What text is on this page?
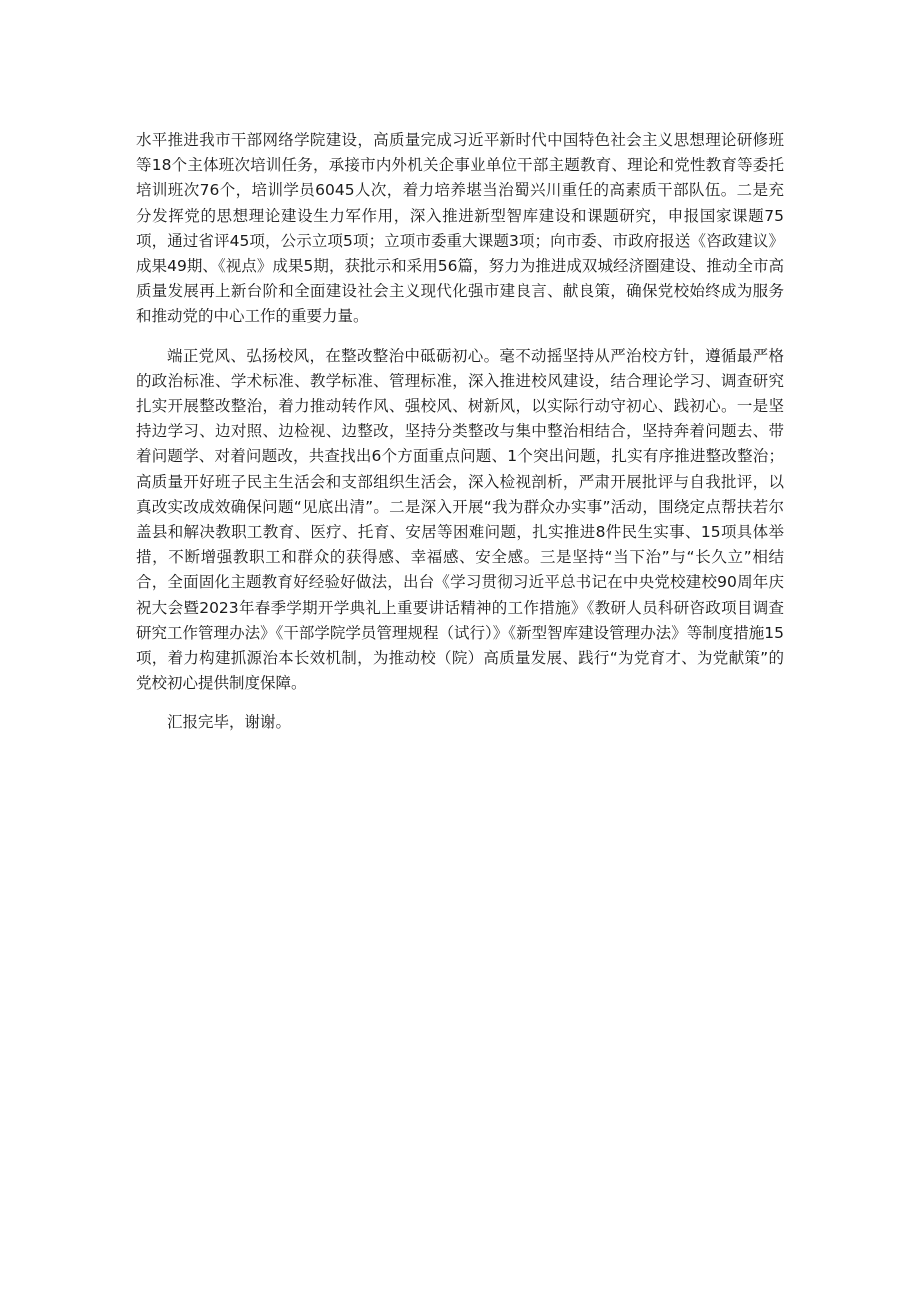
水平推进我市干部网络学院建设，高质量完成习近平新时代中国特色社会主义思想理论研修班等18个主体班次培训任务，承接市内外机关企事业单位干部主题教育、理论和党性教育等委托培训班次76个，培训学员6045人次，着力培养堪当治蜀兴川重任的高素质干部队伍。二是充分发挥党的思想理论建设生力军作用，深入推进新型智库建设和课题研究，申报国家课题75项，通过省评45项，公示立项5项；立项市委重大课题3项；向市委、市政府报送《咨政建议》成果49期、《视点》成果5期，获批示和采用56篇，努力为推进成双城经济圈建设、推动全市高质量发展再上新台阶和全面建设社会主义现代化强市建良言、献良策，确保党校始终成为服务和推动党的中心工作的重要力量。

端正党风、弘扬校风，在整改整治中砥砺初心。毫不动摇坚持从严治校方针，遵循最严格的政治标准、学术标准、教学标准、管理标准，深入推进校风建设，结合理论学习、调查研究扎实开展整改整治，着力推动转作风、强校风、树新风，以实际行动守初心、践初心。一是坚持边学习、边对照、边检视、边整改，坚持分类整改与集中整治相结合，坚持奔着问题去、带着问题学、对着问题改，共查找出6个方面重点问题、1个突出问题，扎实有序推进整改整治；高质量开好班子民主生活会和支部组织生活会，深入检视剖析，严肃开展批评与自我批评，以真改实改成效确保问题“见底出清”。二是深入开展“我为群众办实事”活动，围绕定点帮扶若尔盖县和解决教职工教育、医疗、托育、安居等困难问题，扎实推进8件民生实事、15项具体举措，不断增强教职工和群众的获得感、幸福感、安全感。三是坚持“当下治”与“长久立”相结合，全面固化主题教育好经验好做法，出台《学习贯彻习近平总书记在中央党校建校90周年庆祝大会暨2023年春季学期开学典礼上重要讲话精神的工作措施》《教研人员科研咨政项目调查研究工作管理办法》《干部学院学员管理规程（试行）》《新型智库建设管理办法》等制度措施15项，着力构建抓源治本长效机制，为推动校（院）高质量发展、践行“为党育才、为党献策”的党校初心提供制度保障。

汇报完毕，谢谢。
